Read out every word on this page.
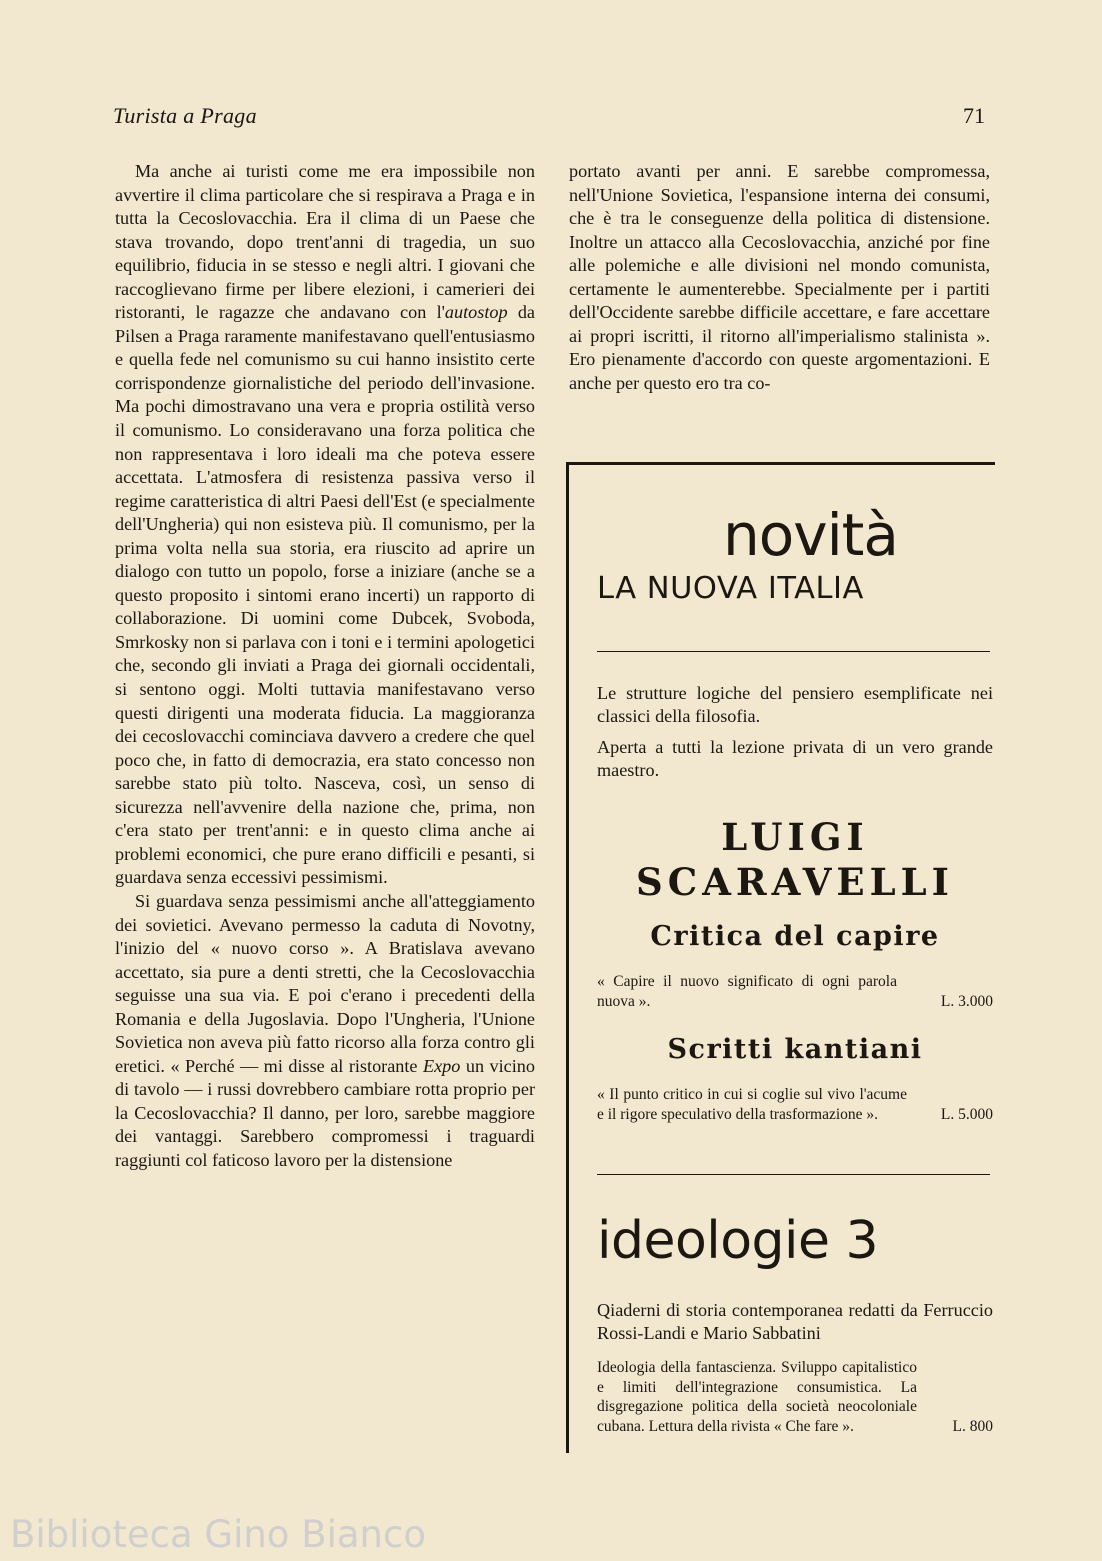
Turista a Praga	71

Ma anche ai turisti come me era impossibile non avvertire il clima particolare che si respirava a Praga e in tutta la Cecoslovacchia. Era il clima di un Paese che stava trovando, dopo trent'anni di tragedia, un suo equilibrio, fiducia in se stesso e negli altri. I giovani che raccoglievano firme per libere elezioni, i camerieri dei ristoranti, le ragazze che andavano con l'autostop da Pilsen a Praga raramente manifestavano quell'entusiasmo e quella fede nel comunismo su cui hanno insistito certe corrispondenze giornalistiche del periodo dell'invasione. Ma pochi dimostravano una vera e propria ostilità verso il comunismo. Lo consideravano una forza politica che non rappresentava i loro ideali ma che poteva essere accettata. L'atmosfera di resistenza passiva verso il regime caratteristica di altri Paesi dell'Est (e specialmente dell'Ungheria) qui non esisteva più. Il comunismo, per la prima volta nella sua storia, era riuscito ad aprire un dialogo con tutto un popolo, forse a iniziare (anche se a questo proposito i sintomi erano incerti) un rapporto di collaborazione. Di uomini come Dubcek, Svoboda, Smrkosky non si parlava con i toni e i termini apologetici che, secondo gli inviati a Praga dei giornali occidentali, si sentono oggi. Molti tuttavia manifestavano verso questi dirigenti una moderata fiducia. La maggioranza dei cecoslovacchi cominciava davvero a credere che quel poco che, in fatto di democrazia, era stato concesso non sarebbe stato più tolto. Nasceva, così, un senso di sicurezza nell'avvenire della nazione che, prima, non c'era stato per trent'anni: e in questo clima anche ai problemi economici, che pure erano difficili e pesanti, si guardava senza eccessivi pessimismi.

Si guardava senza pessimismi anche all'atteggiamento dei sovietici. Avevano permesso la caduta di Novotny, l'inizio del « nuovo corso ». A Bratislava avevano accettato, sia pure a denti stretti, che la Cecoslovacchia seguisse una sua via. E poi c'erano i precedenti della Romania e della Jugoslavia. Dopo l'Ungheria, l'Unione Sovietica non aveva più fatto ricorso alla forza contro gli eretici. « Perché — mi disse al ristorante Expo un vicino di tavolo — i russi dovrebbero cambiare rotta proprio per la Cecoslovacchia? Il danno, per loro, sarebbe maggiore dei vantaggi. Sarebbero compromessi i traguardi raggiunti col faticoso lavoro per la distensione

portato avanti per anni. E sarebbe compromessa, nell'Unione Sovietica, l'espansione interna dei consumi, che è tra le conseguenze della politica di distensione. Inoltre un attacco alla Cecoslovacchia, anziché por fine alle polemiche e alle divisioni nel mondo comunista, certamente le aumenterebbe. Specialmente per i partiti dell'Occidente sarebbe difficile accettare, e fare accettare ai propri iscritti, il ritorno all'imperialismo stalinista ». Ero pienamente d'accordo con queste argomentazioni. E anche per questo ero tra co-

novità
LA NUOVA ITALIA

Le strutture logiche del pensiero esemplificate nei classici della filosofia.

Aperta a tutti la lezione privata di un vero grande maestro.

LUIGI
SCARAVELLI
Critica del capire
« Capire il nuovo significato di ogni parola nuova ».	L. 3.000
Scritti kantiani
« Il punto critico in cui si coglie sul vivo l'acume e il rigore speculativo della trasformazione ».	L. 5.000
ideologie 3
Qiaderni di storia contemporanea redatti da Ferruccio Rossi-Landi e Mario Sabbatini
Ideologia della fantascienza. Sviluppo capitalistico e limiti dell'integrazione consumistica. La disgregazione politica della società neocoloniale cubana. Lettura della rivista « Che fare ».	L. 800
Biblioteca Gino Bianco
